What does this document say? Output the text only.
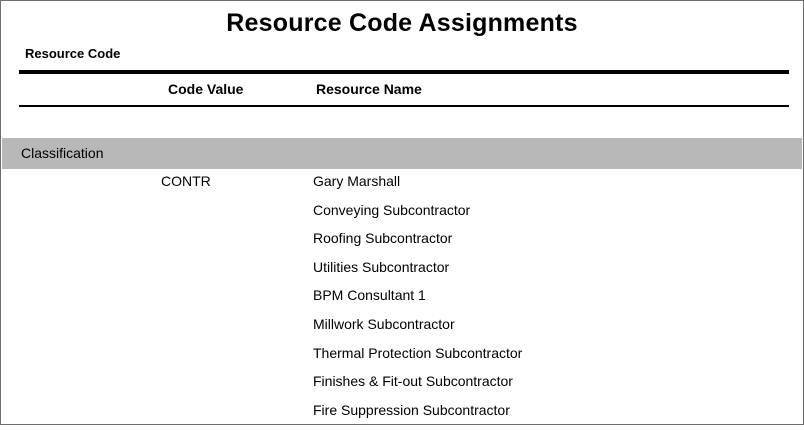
Resource Code Assignments
Resource Code
Code Value	Resource Name
Classification
CONTR	Gary Marshall
Conveying Subcontractor
Roofing Subcontractor
Utilities Subcontractor
BPM Consultant 1
Millwork Subcontractor
Thermal Protection Subcontractor
Finishes & Fit-out Subcontractor
Fire Suppression Subcontractor
